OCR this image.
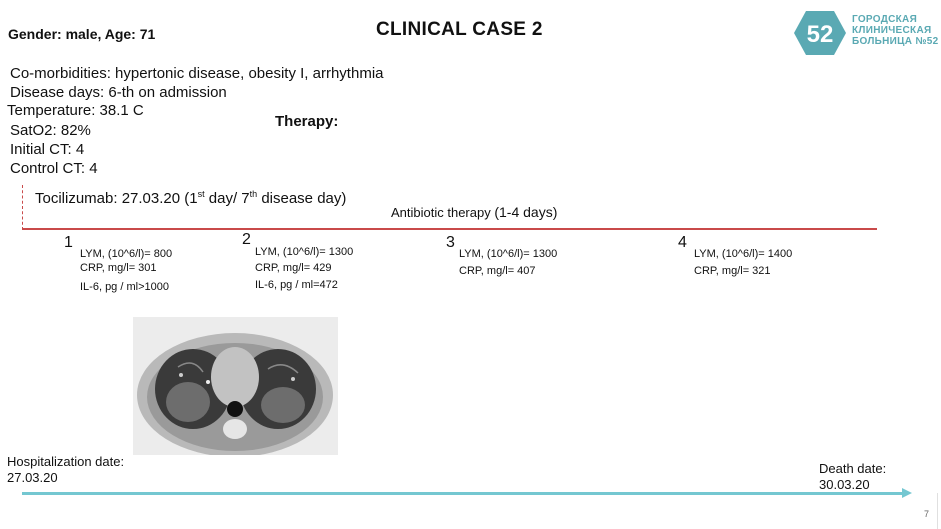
Gender: male, Age: 71	CLINICAL CASE 2	52
ГОРОДСКАЯ
КЛИНИЧЕСКАЯ
БОЛЬНИЦА №52
Co-morbidities: hypertonic disease, obesity I, arrhythmia
Disease days: 6-th on admission
Temperature: 38.1 C
SatO2: 82%
Initial CT: 4
Control CT: 4
Therapy:
Tocilizumab: 27.03.20 (1st day/ 7th disease day)
Antibiotic therapy (1-4 days)
1
LYM, (10^6/l)= 800
CRP, mg/l= 301
IL-6, pg / ml>1000
2
LYM, (10^6/l)= 1300
CRP, mg/l= 429
IL-6, pg / ml=472
3
LYM, (10^6/l)= 1300
CRP, mg/l= 407
4
LYM, (10^6/l)= 1400
CRP, mg/l= 321
Hospitalization date:
27.03.20
Death date:
30.03.20
7
